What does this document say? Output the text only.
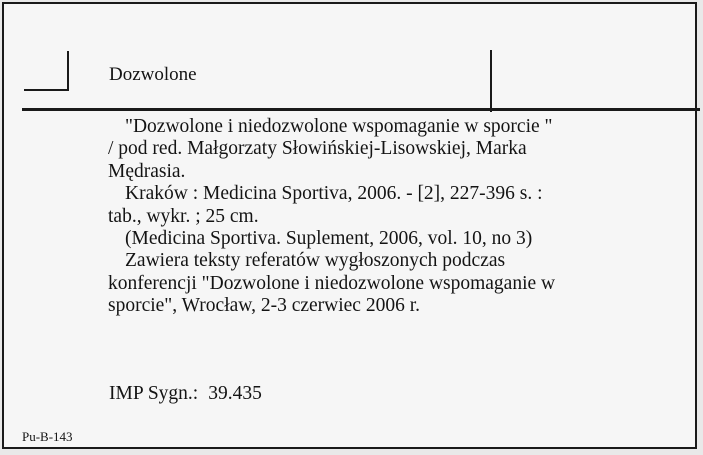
Dozwolone

"Dozwolone i niedozwolone wspomaganie w sporcie "

/ pod red. Małgorzaty Słowińskiej-Lisowskiej, Marka

Mędrasia.

Kraków : Medicina Sportiva, 2006. - [2], 227-396 s. :

tab., wykr. ; 25 cm.

(Medicina Sportiva. Suplement, 2006, vol. 10, no 3)

Zawiera teksty referatów wygłoszonych podczas

konferencji "Dozwolone i niedozwolone wspomaganie w

sporcie", Wrocław, 2-3 czerwiec 2006 r.

IMP Sygn.: 39.435
Pu-B-143
